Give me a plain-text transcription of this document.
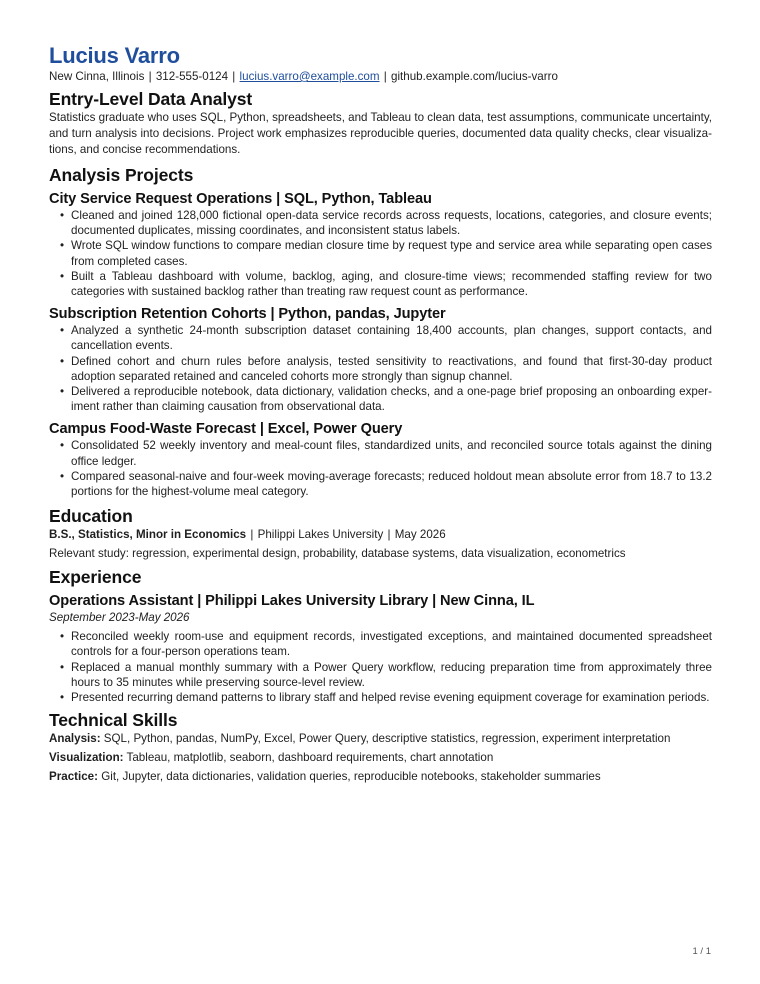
Lucius Varro

New Cinna, Illinois | 312-555-0124 | lucius.varro@example.com | github.example.com/lucius-varro

Entry-Level Data Analyst

Statistics graduate who uses SQL, Python, spreadsheets, and Tableau to clean data, test assumptions, communicate uncertainty, and turn analysis into decisions. Project work emphasizes reproducible queries, documented data quality checks, clear visualizations, and concise recommendations.

Analysis Projects
City Service Request Operations | SQL, Python, Tableau
• Cleaned and joined 128,000 fictional open-data service records across requests, locations, categories, and closure events; documented duplicates, missing coordinates, and inconsistent status labels.
• Wrote SQL window functions to compare median closure time by request type and service area while separating open cases from completed cases.
• Built a Tableau dashboard with volume, backlog, aging, and closure-time views; recommended staffing review for two categories with sustained backlog rather than treating raw request count as performance.
Subscription Retention Cohorts | Python, pandas, Jupyter
• Analyzed a synthetic 24-month subscription dataset containing 18,400 accounts, plan changes, support contacts, and cancellation events.
• Defined cohort and churn rules before analysis, tested sensitivity to reactivations, and found that first-30-day product adoption separated retained and canceled cohorts more strongly than signup channel.
• Delivered a reproducible notebook, data dictionary, validation checks, and a one-page brief proposing an onboarding experiment rather than claiming causation from observational data.
Campus Food-Waste Forecast | Excel, Power Query
• Consolidated 52 weekly inventory and meal-count files, standardized units, and reconciled source totals against the dining office ledger.
• Compared seasonal-naive and four-week moving-average forecasts; reduced holdout mean absolute error from 18.7 to 13.2 portions for the highest-volume meal category.
Education

B.S., Statistics, Minor in Economics | Philippi Lakes University | May 2026

Relevant study: regression, experimental design, probability, database systems, data visualization, econometrics

Experience
Operations Assistant | Philippi Lakes University Library | New Cinna, IL

September 2023-May 2026

• Reconciled weekly room-use and equipment records, investigated exceptions, and maintained documented spreadsheet controls for a four-person operations team.
• Replaced a manual monthly summary with a Power Query workflow, reducing preparation time from approximately three hours to 35 minutes while preserving source-level review.
• Presented recurring demand patterns to library staff and helped revise evening equipment coverage for examination periods.
Technical Skills

Analysis: SQL, Python, pandas, NumPy, Excel, Power Query, descriptive statistics, regression, experiment interpretation

Visualization: Tableau, matplotlib, seaborn, dashboard requirements, chart annotation

Practice: Git, Jupyter, data dictionaries, validation queries, reproducible notebooks, stakeholder summaries

1 / 1
